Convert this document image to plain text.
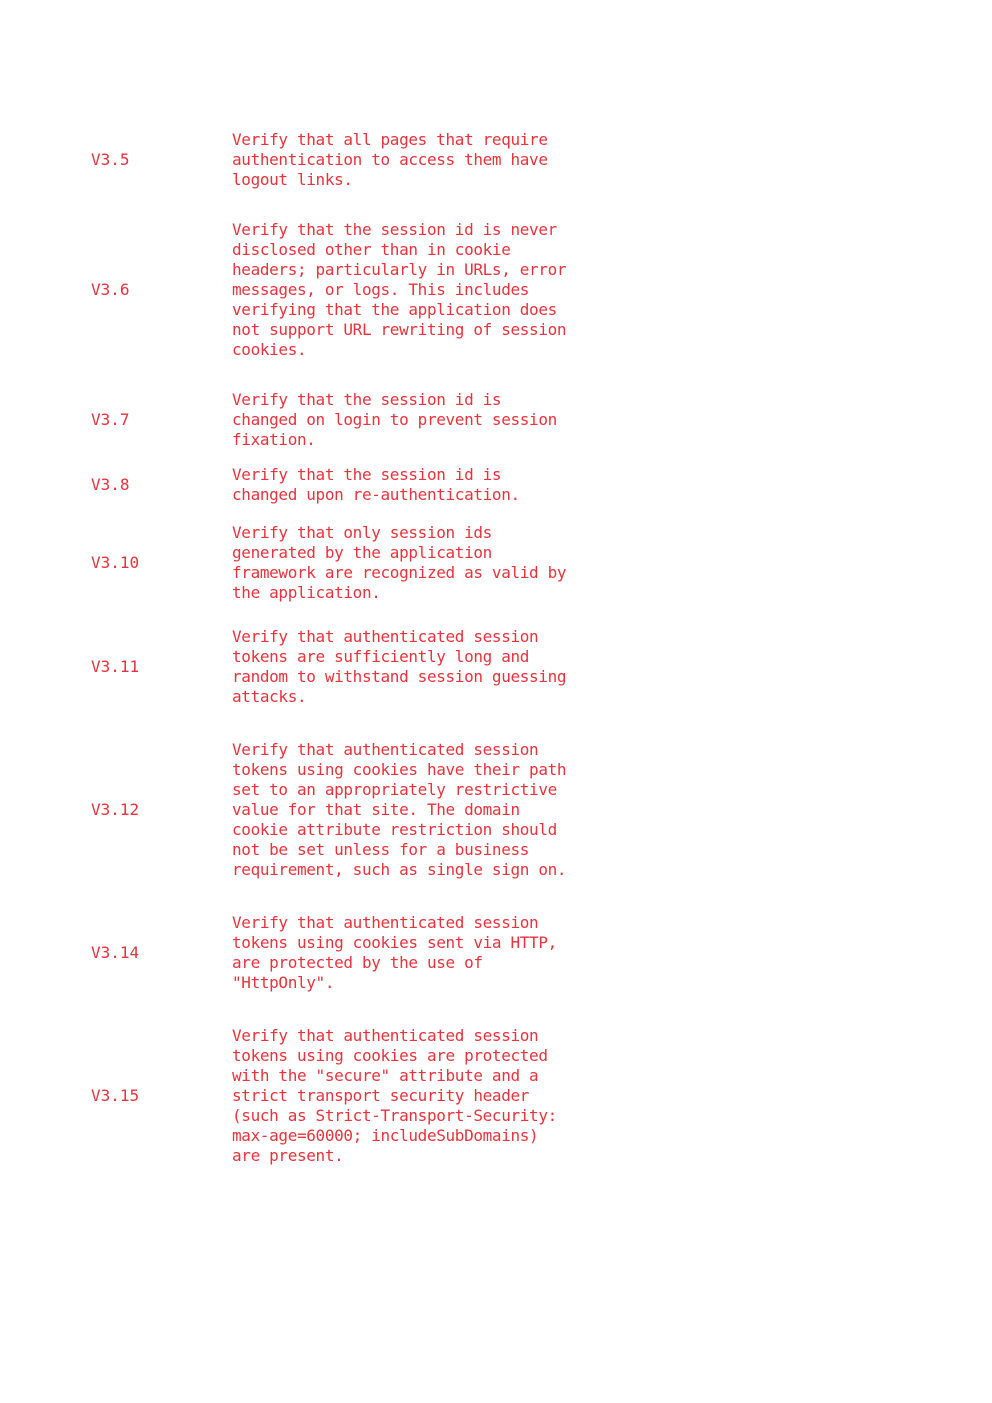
V3.5
Verify that all pages that require
authentication to access them have
logout links.
V3.6
Verify that the session id is never
disclosed other than in cookie
headers; particularly in URLs, error
messages, or logs. This includes
verifying that the application does
not support URL rewriting of session
cookies.
V3.7
Verify that the session id is
changed on login to prevent session
fixation.
V3.8
Verify that the session id is
changed upon re-authentication.
V3.10
Verify that only session ids
generated by the application
framework are recognized as valid by
the application.
V3.11
Verify that authenticated session
tokens are sufficiently long and
random to withstand session guessing
attacks.
V3.12
Verify that authenticated session
tokens using cookies have their path
set to an appropriately restrictive
value for that site. The domain
cookie attribute restriction should
not be set unless for a business
requirement, such as single sign on.
V3.14
Verify that authenticated session
tokens using cookies sent via HTTP,
are protected by the use of
"HttpOnly".
V3.15
Verify that authenticated session
tokens using cookies are protected
with the "secure" attribute and a
strict transport security header
(such as Strict-Transport-Security:
max-age=60000; includeSubDomains)
are present.
